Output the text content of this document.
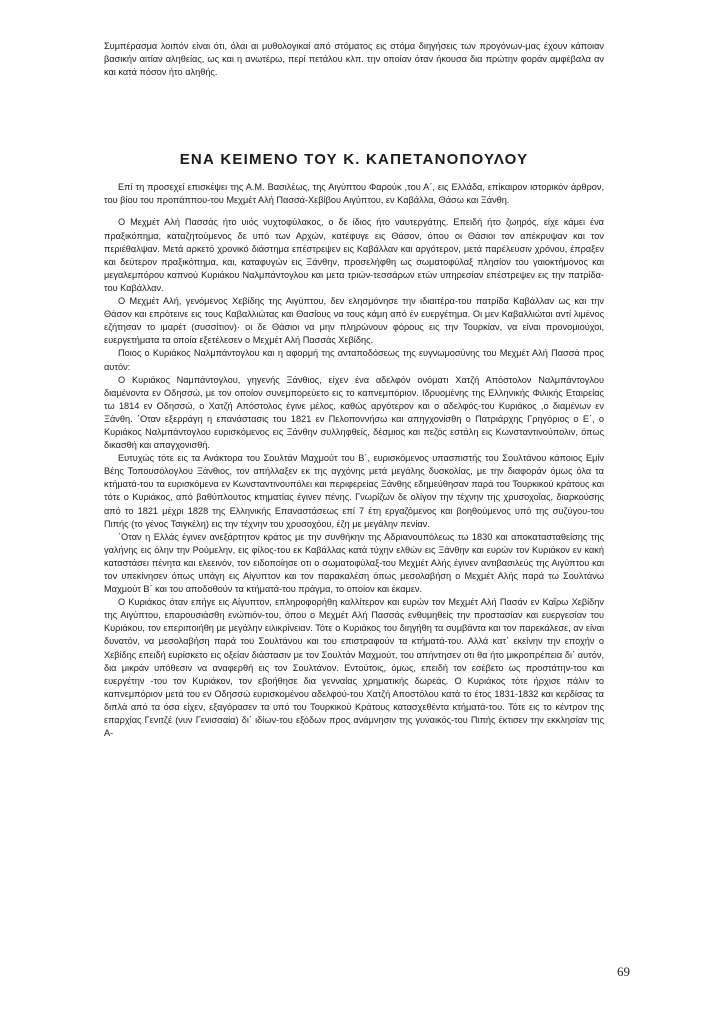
Συμπέρασμα λοιπόν είναι ότι, όλαι αι μυθολογικαί από στόματος εις στόμα διηγήσεις των προγόνων-μας έχουν κάποιαν βασικήν αιτίαν αληθείας, ως και η ανωτέρω, περί πετάλου κλπ. την οποίαν όταν ήκουσα δια πρώτην φοράν αμφέβαλα αν και κατά πόσον ήτο αληθής.

ΕΝΑ ΚΕΙΜΕΝΟ ΤΟΥ Κ. ΚΑΠΕΤΑΝΟΠΟΥΛΟΥ

Επί τη προσεχεί επισκέψει της Α.Μ. Βασιλέως, της Αιγύπτου Φαρούκ ,του Α΄, εις Ελλάδα, επίκαιρον ιστορικόν άρθρον, του βίου του προπάππου-του Μεχμέτ Αλή Πασσά-Χεβίβου Αιγύπτου, εν Καβάλλα, Θάσω και Ξάνθη.

Ο Μεχμέτ Αλή Πασσάς ήτο υιός νυχτοφύλακος, ο δε ίδιος ήτο ναυτεργάτης. Επειδή ήτο ζωηρός, είχε κάμει ένα πραξικόπημα, καταζητούμενος δε υπό των Αρχών, κατέφυγε εις Θάσον, όπου οι Θάσιοι τον απέκρυψαν και τον περιέθαλψαν. Μετά αρκετό χρονικό διάστημα επέστρεψεν εις Καβάλλαν και αργότερον, μετά παρέλευσιν χρόνου, έπραξεν και δεύτερον πραξικόπημα, και, καταφυγών εις Ξάνθην, προσελήφθη ως σωματοφύλαξ πλησίον του γαιοκτήμονος και μεγαλεμπόρου καπνού Κυριάκου Ναλμπάντογλου και μετα τριών-τεσσάρων ετών υπηρεσίαν επέστρεψεν εις την πατρίδα-του Καβάλλαν.

Ο Μεχμέτ Αλή, γενόμενος Χεβίδης της Αιγύπτου, δεν ελησμόνησε την ιδιαιτέρα-του πατρίδα Καβάλλαν ως και την Θάσον και επρότεινε εις τους Καβαλλιώτας και Θασίους να τους κάμη από έν ευεργέτημα. Οι μεν Καβαλλιώται αντί λιμένος εζήτησαν το ιμαρέτ (συσσίτιον)· οι δε Θάσιοι να μην πληρώνουν φόρους εις την Τουρκίαν, να είναι προνομιούχοι, ευεργετήματα τα οποία εξετέλεσεν ο Μεχμέτ Αλή Πασσάς Χεβίδης.

Ποιος ο Κυριάκος Ναλμπάντογλου και η αφορμή της ανταποδόσεως της ευγνωμοσύνης του Μεχμέτ Αλή Πασσά προς αυτόν:

Ο Κυριάκος Ναμπάντογλου, γηγενής Ξάνθιος, είχεν ένα αδελφόν ονόματι Χατζή Απόστολον Ναλμπάντογλου διαμένοντα εν Οδησσώ, με τον οποίον συνεμπορεύετο εις το καπνεμπόριον. Ιδρυομένης της Ελληνικής Φιλικής Εταιρείας τω 1814 εν Οδησσώ, ο Χατζή Απόστολος έγινε μέλος, καθώς αργότερον και ο αδελφός-του Κυριάκος ,ο διαμένων εν Ξάνθη. ΄Οταν εξερράγη η επανάστασις του 1821 εν Πελοποννήσω και απηγχονίσθη ο Πατριάρχης Γρηγόριος ο Ε΄, ο Κυριάκος Ναλμπάντογλου ευρισκόμενος εις Ξάνθην συλληφθείς, δέσμιος και πεζός εστάλη εις Κωνσταντινούπολιν, όπως δικασθή και απαγχονισθή.

Ευτυχώς τότε εις τα Ανάκτορα του Σουλτάν Μαχμούτ του Β΄, ευρισκόμενος υπασπιστής του Σουλτάνου κάποιος Εμίν Βέης Τοπουσόλογλου Ξάνθιος, τον απήλλαξεν εκ της αγχόνης μετά μεγάλης δυσκολίας, με την διαφοράν όμως όλα τα κτήματά-του τα ευρισκόμενα εν Κωνσταντινουπόλει και περιφερείας Ξάνθης εδημεύθησαν παρά του Τουρκικού κράτους και τότε ο Κυριάκος, από βαθύπλουτος κτηματίας έγινεν πένης. Γνωρίζων δε ολίγον την τέχνην της χρυσοχοΐας, διαρκούσης από το 1821 μέχρι 1828 της Ελληνικής Επαναστάσεως επί 7 έτη εργαζόμενος και βοηθούμενος υπό της συζύγου-του Πιπής (το γένος Τσιγκέλη) εις την τέχνην του χρυσοχόου, έζη με μεγάλην πενίαν.

΄Οταν η Ελλάς έγινεν ανεξάρτητον κράτος με την συνθήκην της Αδριανουπόλεως τω 1830 και αποκατασταθείσης της γαλήνης εις όλην την Ρούμελην, εις φίλος-του εκ Καβάλλας κατά τύχην ελθών εις Ξάνθην και ευρών τον Κυριάκον εν κακή καταστάσει πένητα και ελεεινόν, τον ειδοποίησε οτι ο σωματοφύλαξ-του Μεχμέτ Αλής έγινεν αντιβασιλεύς της Αιγύπτου και τον υπεκίνησεν όπως υπάγη εις Αίγυπτον και τον παρακαλέση όπως μεσολαβήση ο Μεχμέτ Αλής παρά τω Σουλτάνω Μαχμούτ Β΄ και του αποδοθούν τα κτήματά-του πράγμα, το οποίον και έκαμεν.

Ο Κυριάκος όταν επήγε εις Αίγυπτον, επληροφορήθη καλλίτερον και ευρών τον Μεχμέτ Αλή Πασάν εν Καΐρω Χεβίδην της Αιγύπτου, επαρουσιάσθη ενώπιόν-του, όπου ο Μεχμέτ Αλή Πασσάς ενθυμηθείς την προστασίαν και ευεργεσίαν του Κυριάκου, τον επεριποιήθη με μεγάλην ειλικρίνειαν. Τότε ο Κυριάκος του διηγήθη τα συμβάντα και τον παρεκάλεσε, αν είναι δυνατόν, να μεσολαβήση παρά του Σουλτάνου και του επιστραφούν τα κτήματά-του. Αλλά κατ΄ εκείνην την εποχήν ο Χεβίδης επειδή ευρίσκετο εις οξείαν διάστασιν με τον Σουλτάν Μαχμούτ, του απήντησεν οτι θα ήτο μικροπρέπεια δι΄ αυτόν, δια μικράν υπόθεσιν να αναφερθή εις τον Σουλτάνον. Εντούτοις, όμως, επειδή τον εσέβετο ως προστάτην-του και ευεργέτην -του τον Κυριάκον, τον εβοήθησε δια γενναίας χρηματικής δωρεάς. Ο Κυριάκος τότε ήρχισε πάλιν το καπνεμπόριον μετά του εν Οδησσώ ευρισκομένου αδελφού-του Χατζή Αποστόλου κατά το έτος 1831-1832 και κερδίσας τα διπλά από τα όσα είχεν, εξαγόρασεν τα υπό του Τουρκικού Κράτους κατασχεθέντα κτήματά-του. Τότε εις το κέντρον της επαρχίας Γενιτζέ (νυν Γενισσαία) δι΄ ιδίων-του εξόδων προς ανάμνησιν της γυναικός-του Πιπής έκτισεν την εκκλησίαν της Α-

69
